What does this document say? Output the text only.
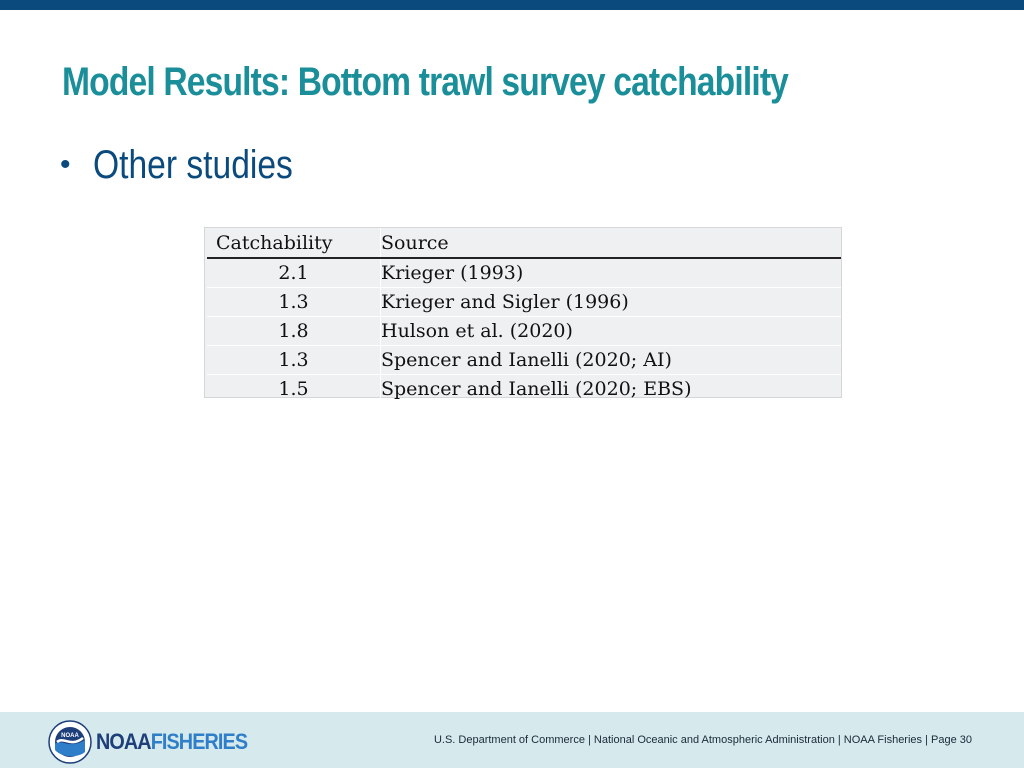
Model Results: Bottom trawl survey catchability
• Other studies
Catchability	Source
2.1	Krieger (1993)
1.3	Krieger and Sigler (1996)
1.8	Hulson et al. (2020)
1.3	Spencer and Ianelli (2020; AI)
1.5	Spencer and Ianelli (2020; EBS)
NOAA NOAAFISHERIES	U.S. Department of Commerce | National Oceanic and Atmospheric Administration | NOAA Fisheries | Page 30
